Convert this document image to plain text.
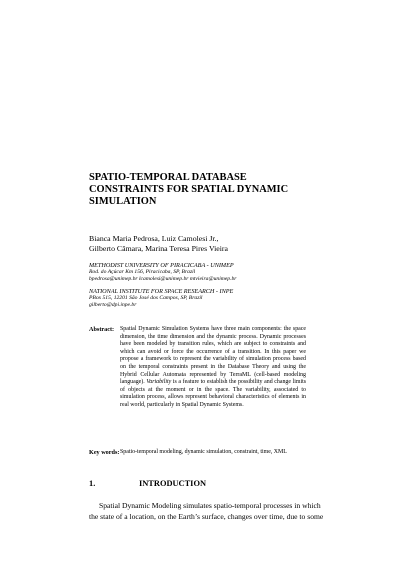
SPATIO-TEMPORAL DATABASE
CONSTRAINTS FOR SPATIAL DYNAMIC
SIMULATION
Bianca Maria Pedrosa, Luiz Camolesi Jr.,
Gilberto Câmara, Marina Teresa Pires Vieira
METHODIST UNIVERSITY OF PIRACICABA - UNIMEP
Rod. do Açúcar Km 156, Piracicaba, SP, Brazil
bpedrosa@unimep.br lcamolesi@unimep.br mtvieira@unimep.br
NATIONAL INSTITUTE FOR SPACE RESEARCH - INPE
PBox 515, 12201 São José dos Campos, SP, Brazil
gilberto@dpi.inpe.br
Abstract:	Spatial Dynamic Simulation Systems have three main components: the space dimension, the time dimension and the dynamic process. Dynamic processes have been modeled by transition rules, which are subject to constraints and which can avoid or force the occurrence of a transition. In this paper we propose a framework to represent the variability of simulation process based on the temporal constraints present in the Database Theory and using the Hybrid Cellular Automata represented by TerraML (cell-based modeling language). Variability is a feature to establish the possibility and change limits of objects at the moment or in the space. The variability, associated to simulation process, allows represent behavioral characteristics of elements in real world, particularly in Spatial Dynamic Systems.
Key words: Spatio-temporal modeling, dynamic simulation, constraint, time, XML
1.	INTRODUCTION
Spatial Dynamic Modeling simulates spatio-temporal processes in which
the state of a location, on the Earth’s surface, changes over time, due to some
